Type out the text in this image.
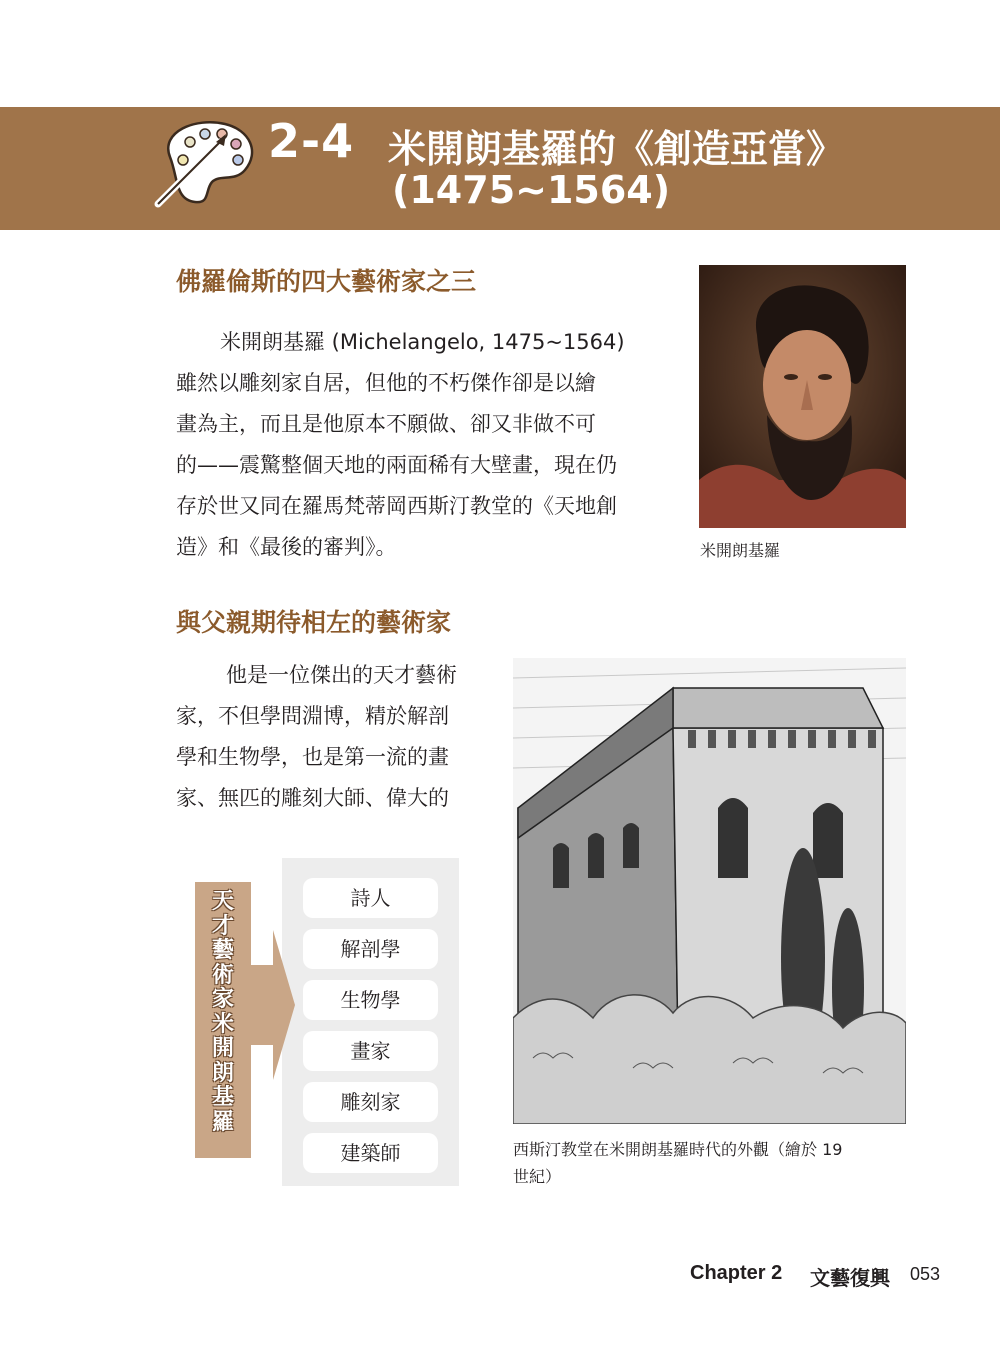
2-4 米開朗基羅的《創造亞當》
(1475~1564)
佛羅倫斯的四大藝術家之三
米開朗基羅 (Michelangelo, 1475~1564)
雖然以雕刻家自居，但他的不朽傑作卻是以繪
畫為主，而且是他原本不願做、卻又非做不可
的——震驚整個天地的兩面稀有大壁畫，現在仍
存於世又同在羅馬梵蒂岡西斯汀教堂的《天地創
造》和《最後的審判》。	米開朗基羅
與父親期待相左的藝術家
他是一位傑出的天才藝術
家，不但學問淵博，精於解剖
學和生物學，也是第一流的畫
家、無匹的雕刻大師、偉大的
西斯汀教堂在米開朗基羅時代的外觀（繪於 19
世紀）
天
才
藝
術
家
米
開
朗
基
羅
詩人
解剖學
生物學
畫家
雕刻家
建築師
Chapter 2 文藝復興 053
